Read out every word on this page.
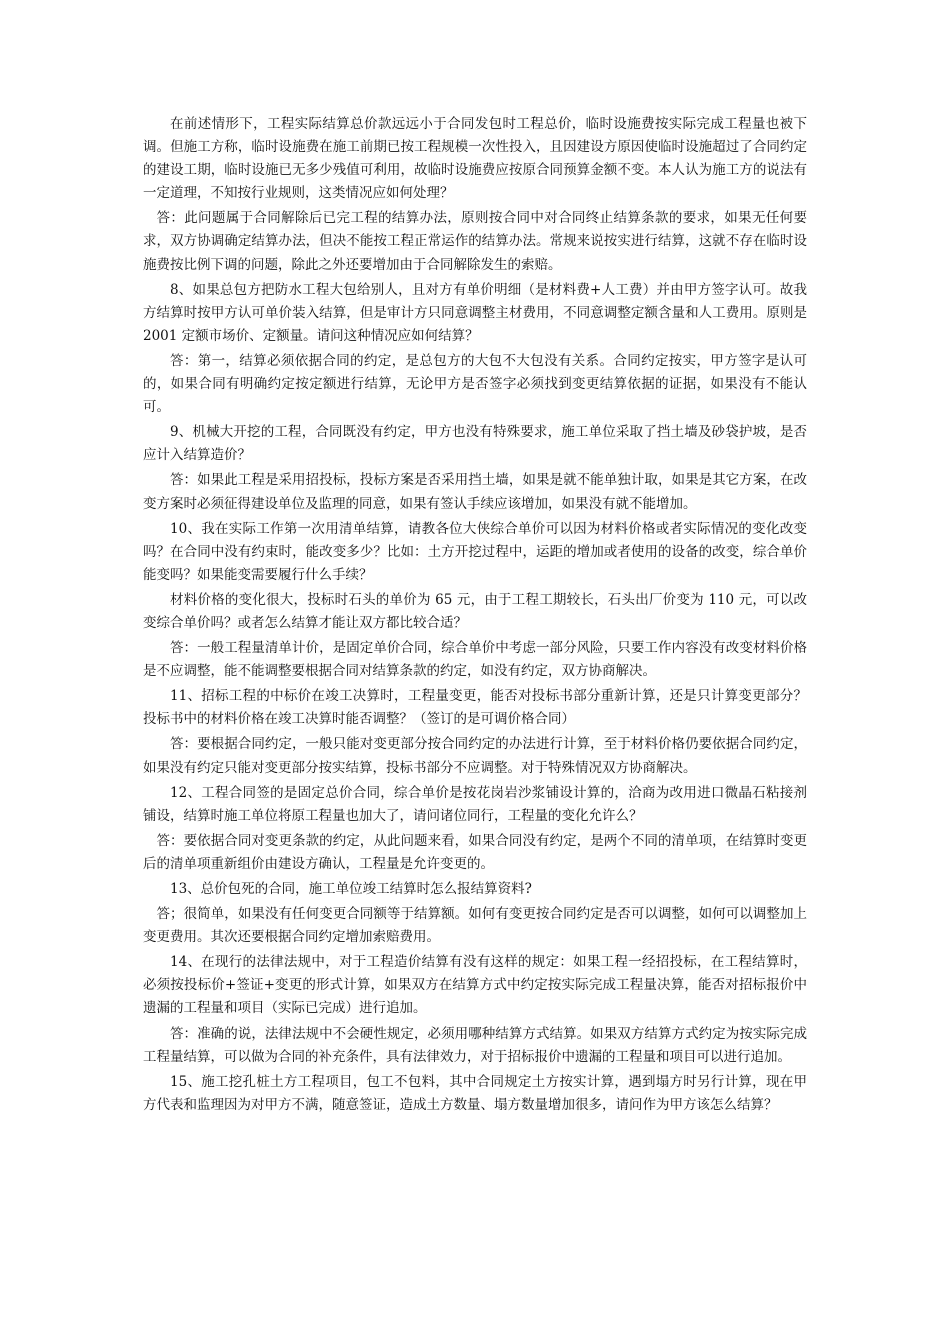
在前述情形下，工程实际结算总价款远远小于合同发包时工程总价，临时设施费按实际完成工程量也被下调。但施工方称，临时设施费在施工前期已按工程规模一次性投入，且因建设方原因使临时设施超过了合同约定的建设工期，临时设施已无多少残值可利用，故临时设施费应按原合同预算金额不变。本人认为施工方的说法有一定道理，不知按行业规则，这类情况应如何处理？

答：此问题属于合同解除后已完工程的结算办法，原则按合同中对合同终止结算条款的要求，如果无任何要求，双方协调确定结算办法，但决不能按工程正常运作的结算办法。常规来说按实进行结算，这就不存在临时设施费按比例下调的问题，除此之外还要增加由于合同解除发生的索赔。

8、如果总包方把防水工程大包给别人，且对方有单价明细（是材料费+人工费）并由甲方签字认可。故我方结算时按甲方认可单价装入结算，但是审计方只同意调整主材费用，不同意调整定额含量和人工费用。原则是 2001 定额市场价、定额量。请问这种情况应如何结算？

答：第一，结算必须依据合同的约定，是总包方的大包不大包没有关系。合同约定按实，甲方签字是认可的，如果合同有明确约定按定额进行结算，无论甲方是否签字必须找到变更结算依据的证据，如果没有不能认可。

9、机械大开挖的工程，合同既没有约定，甲方也没有特殊要求，施工单位采取了挡土墙及砂袋护坡，是否应计入结算造价？

答：如果此工程是采用招投标，投标方案是否采用挡土墙，如果是就不能单独计取，如果是其它方案，在改变方案时必须征得建设单位及监理的同意，如果有签认手续应该增加，如果没有就不能增加。

10、我在实际工作第一次用清单结算，请教各位大侠综合单价可以因为材料价格或者实际情况的变化改变吗？在合同中没有约束时，能改变多少？比如：土方开挖过程中，运距的增加或者使用的设备的改变，综合单价能变吗？如果能变需要履行什么手续？

材料价格的变化很大，投标时石头的单价为 65 元，由于工程工期较长，石头出厂价变为 110 元，可以改变综合单价吗？或者怎么结算才能让双方都比较合适？

答：一般工程量清单计价，是固定单价合同，综合单价中考虑一部分风险，只要工作内容没有改变材料价格是不应调整，能不能调整要根据合同对结算条款的约定，如没有约定，双方协商解决。

11、招标工程的中标价在竣工决算时，工程量变更，能否对投标书部分重新计算，还是只计算变更部分？投标书中的材料价格在竣工决算时能否调整？（签订的是可调价格合同）

答：要根据合同约定，一般只能对变更部分按合同约定的办法进行计算，至于材料价格仍要依据合同约定，如果没有约定只能对变更部分按实结算，投标书部分不应调整。对于特殊情况双方协商解决。

12、工程合同签的是固定总价合同，综合单价是按花岗岩沙浆铺设计算的，洽商为改用进口微晶石粘接剂铺设，结算时施工单位将原工程量也加大了，请问诸位同行，工程量的变化允许么？

答：要依据合同对变更条款的约定，从此问题来看，如果合同没有约定，是两个不同的清单项，在结算时变更后的清单项重新组价由建设方确认，工程量是允许变更的。

13、总价包死的合同，施工单位竣工结算时怎么报结算资料?

答；很简单，如果没有任何变更合同额等于结算额。如何有变更按合同约定是否可以调整，如何可以调整加上变更费用。其次还要根据合同约定增加索赔费用。

14、在现行的法律法规中，对于工程造价结算有没有这样的规定：如果工程一经招投标，在工程结算时，必须按投标价+签证+变更的形式计算，如果双方在结算方式中约定按实际完成工程量决算，能否对招标报价中遗漏的工程量和项目（实际已完成）进行追加。

答：准确的说，法律法规中不会硬性规定，必须用哪种结算方式结算。如果双方结算方式约定为按实际完成工程量结算，可以做为合同的补充条件，具有法律效力，对于招标报价中遗漏的工程量和项目可以进行追加。

15、施工挖孔桩土方工程项目，包工不包料，其中合同规定土方按实计算，遇到塌方时另行计算，现在甲方代表和监理因为对甲方不满，随意签证，造成土方数量、塌方数量增加很多，请问作为甲方该怎么结算？
